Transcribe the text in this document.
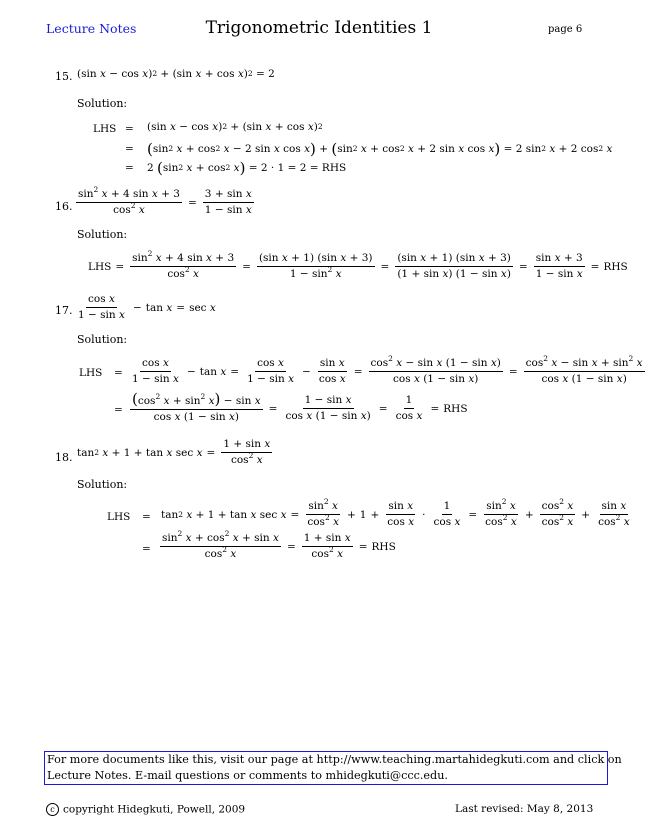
Lecture Notes	Trigonometric Identities 1	page 6
15. (sin x − cos x ) 2 + (sin x + cos x ) 2 = 2
Solution:
LHS = (sin x − cos x ) 2 + (sin x + cos x ) 2
= ( sin 2
x + cos 2
x − 2 sin x cos x ) + ( sin 2
x + cos 2
x + 2 sin x cos x ) = 2 sin 2
x + 2 cos 2
x
= 2 ( sin 2
x + cos 2
x ) = 2 · 1 = 2 = RHS
16. $\frac{\sin^2 x + 4 \sin x + 3}{\cos^2 x} = \frac{\text{3 + sin x}}{\text{1 − sin x}}$
Solution:
LHS = $\frac{\sin^2 x + 4 \sin x + 3}{\cos^2 x} = \frac{\text{(sin x + 1) (sin x + 3)}}{1 - \sin^2 x} = \frac{\text{(sin x + 1) (sin x + 3)}}{\text{(1 + sin x) (1 − sin x)}} = \frac{\text{sin x + 3}}{\text{1 − sin x}}$ = RHS
17. $\frac{\text{cos x}}{\text{1 − sin x}} - \tan x = \sec x$
Solution:
LHS = $\frac{\text{cos x}}{\text{1 − sin x}} - \tan x = \frac{\text{cos x}}{\text{1 − sin x}} - \frac{\text{sin x}}{\text{cos x}} = \frac{\cos^2 x - \sin x (1 - \sin x)}{\text{cos x (1 − sin x)}} = \frac{\cos^2 x - \sin x + \sin^2 x}{\text{cos x (1 − sin x)}}$
= $\frac{(\cos^2 x + \sin^2 x) - \sin x}{\text{cos x (1 − sin x)}} = \frac{\text{1 − sin x}}{\text{cos x (1 − sin x)}} = \frac{1}{\text{cos x}}$ = RHS
18. tan 2
x + 1 + tan x $\sec x = \frac{\text{1 + sin x}}{\cos^2 x}$
Solution:
LHS = tan 2
x + 1 + tan x $\sec x = \frac{\sin^2 x}{\cos^2 x} + 1 + \frac{\text{sin x}}{\text{cos x}} \cdot \frac{1}{\text{cos x}} = \frac{\sin^2 x}{\cos^2 x} + \frac{\cos^2 x}{\cos^2 x} + \frac{\text{sin x}}{\cos^2 x}$
= $\frac{\sin^2 x + \cos^2 x + \sin x}{\cos^2 x} = \frac{\text{1 + sin x}}{\cos^2 x}$ = RHS
For more documents like this, visit our page at http://www.teaching.martahidegkuti.com and click on
Lecture Notes. E-mail questions or comments to mhidegkuti@ccc.edu.
c copyright Hidegkuti, Powell, 2009	Last revised: May 8, 2013
